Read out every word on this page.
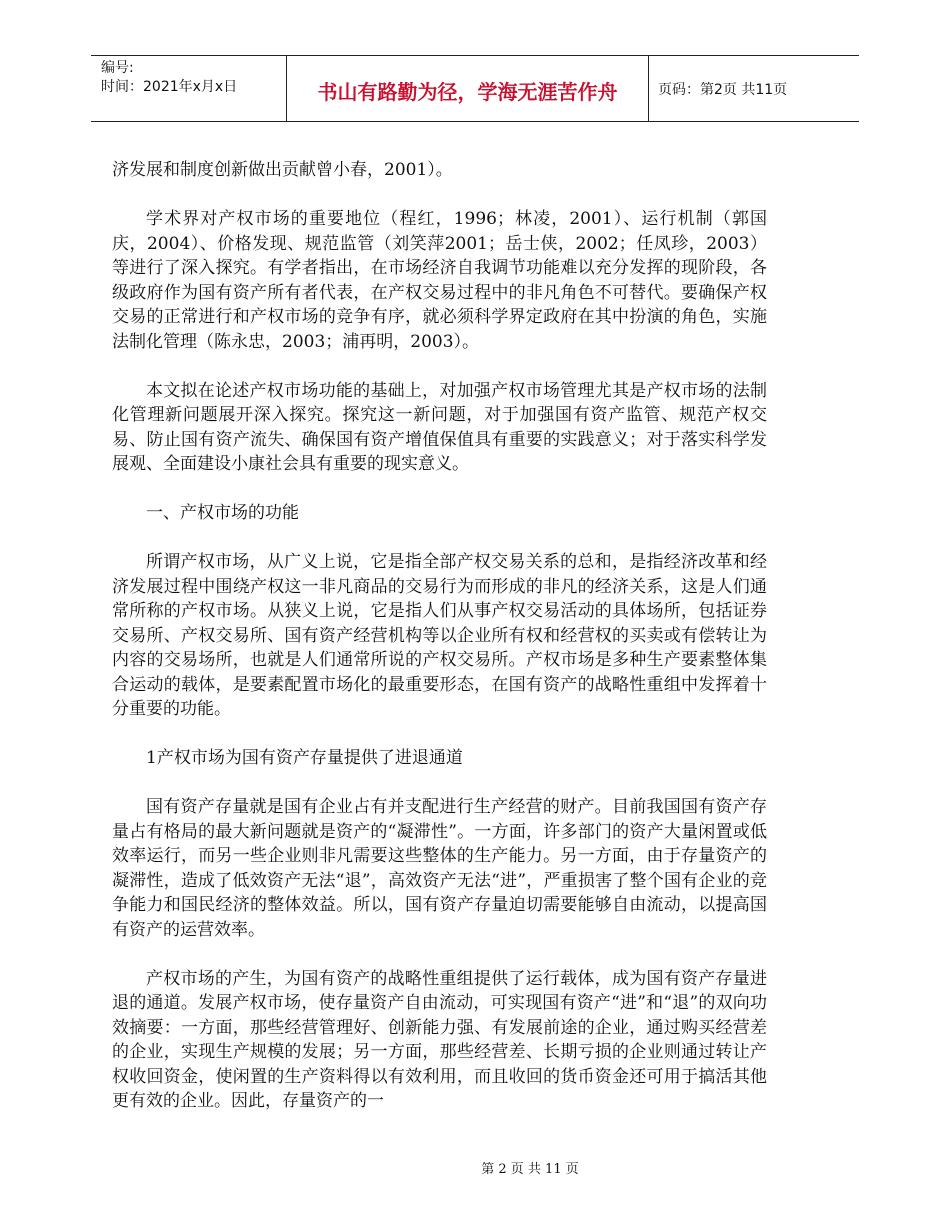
编号:
时间：2021年x月x日	书山有路勤为径，学海无涯苦作舟	页码：第2页 共11页

济发展和制度创新做出贡献曾小春，2001）。

学术界对产权市场的重要地位（程红，1996；林凌，2001）、运行机制（郭国庆，2004）、价格发现、规范监管（刘笑萍2001；岳士侠，2002；任凤珍，2003）等进行了深入探究。有学者指出，在市场经济自我调节功能难以充分发挥的现阶段，各级政府作为国有资产所有者代表，在产权交易过程中的非凡角色不可替代。要确保产权交易的正常进行和产权市场的竞争有序，就必须科学界定政府在其中扮演的角色，实施法制化管理（陈永忠，2003；浦再明，2003）。

本文拟在论述产权市场功能的基础上，对加强产权市场管理尤其是产权市场的法制化管理新问题展开深入探究。探究这一新问题，对于加强国有资产监管、规范产权交易、防止国有资产流失、确保国有资产增值保值具有重要的实践意义；对于落实科学发展观、全面建设小康社会具有重要的现实意义。

一、产权市场的功能

所谓产权市场，从广义上说，它是指全部产权交易关系的总和，是指经济改革和经济发展过程中围绕产权这一非凡商品的交易行为而形成的非凡的经济关系，这是人们通常所称的产权市场。从狭义上说，它是指人们从事产权交易活动的具体场所，包括证券交易所、产权交易所、国有资产经营机构等以企业所有权和经营权的买卖或有偿转让为内容的交易场所，也就是人们通常所说的产权交易所。产权市场是多种生产要素整体集合运动的载体，是要素配置市场化的最重要形态，在国有资产的战略性重组中发挥着十分重要的功能。

1产权市场为国有资产存量提供了进退通道

国有资产存量就是国有企业占有并支配进行生产经营的财产。目前我国国有资产存量占有格局的最大新问题就是资产的“凝滞性”。一方面，许多部门的资产大量闲置或低效率运行，而另一些企业则非凡需要这些整体的生产能力。另一方面，由于存量资产的凝滞性，造成了低效资产无法“退”，高效资产无法“进”，严重损害了整个国有企业的竞争能力和国民经济的整体效益。所以，国有资产存量迫切需要能够自由流动，以提高国有资产的运营效率。

产权市场的产生，为国有资产的战略性重组提供了运行载体，成为国有资产存量进退的通道。发展产权市场，使存量资产自由流动，可实现国有资产“进”和“退”的双向功效摘要：一方面，那些经营管理好、创新能力强、有发展前途的企业，通过购买经营差的企业，实现生产规模的发展；另一方面，那些经营差、长期亏损的企业则通过转让产权收回资金，使闲置的生产资料得以有效利用，而且收回的货币资金还可用于搞活其他更有效的企业。因此，存量资产的一

第 2 页 共 11 页
